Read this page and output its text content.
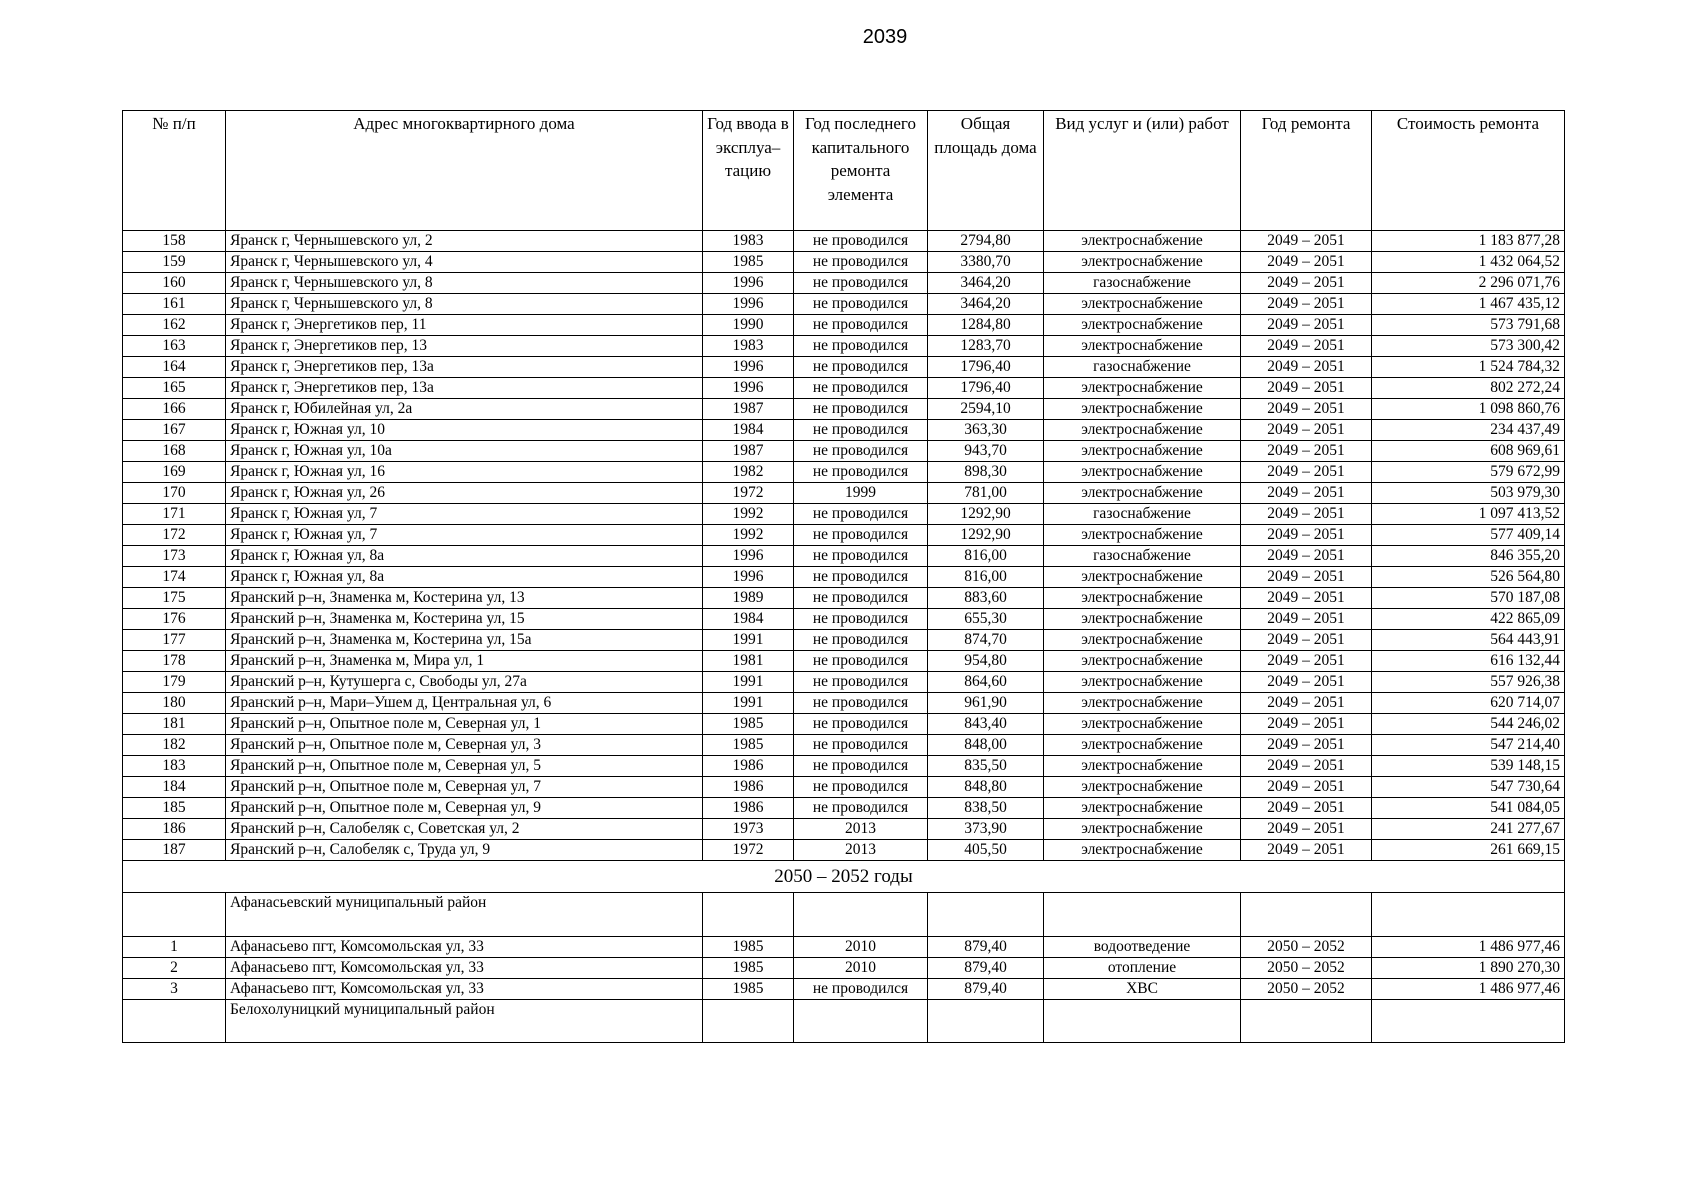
2039
№ п/п	Адрес многоквартирного дома	Год ввода в эксплуа–тацию	Год последнего капитального ремонта элемента	Общая площадь дома	Вид услуг и (или) работ	Год ремонта	Стоимость ремонта
158	Яранск г, Чернышевского ул, 2	1983	не проводился	2794,80	электроснабжение	2049 – 2051	1 183 877,28
159	Яранск г, Чернышевского ул, 4	1985	не проводился	3380,70	электроснабжение	2049 – 2051	1 432 064,52
160	Яранск г, Чернышевского ул, 8	1996	не проводился	3464,20	газоснабжение	2049 – 2051	2 296 071,76
161	Яранск г, Чернышевского ул, 8	1996	не проводился	3464,20	электроснабжение	2049 – 2051	1 467 435,12
162	Яранск г, Энергетиков пер, 11	1990	не проводился	1284,80	электроснабжение	2049 – 2051	573 791,68
163	Яранск г, Энергетиков пер, 13	1983	не проводился	1283,70	электроснабжение	2049 – 2051	573 300,42
164	Яранск г, Энергетиков пер, 13а	1996	не проводился	1796,40	газоснабжение	2049 – 2051	1 524 784,32
165	Яранск г, Энергетиков пер, 13а	1996	не проводился	1796,40	электроснабжение	2049 – 2051	802 272,24
166	Яранск г, Юбилейная ул, 2а	1987	не проводился	2594,10	электроснабжение	2049 – 2051	1 098 860,76
167	Яранск г, Южная ул, 10	1984	не проводился	363,30	электроснабжение	2049 – 2051	234 437,49
168	Яранск г, Южная ул, 10а	1987	не проводился	943,70	электроснабжение	2049 – 2051	608 969,61
169	Яранск г, Южная ул, 16	1982	не проводился	898,30	электроснабжение	2049 – 2051	579 672,99
170	Яранск г, Южная ул, 26	1972	1999	781,00	электроснабжение	2049 – 2051	503 979,30
171	Яранск г, Южная ул, 7	1992	не проводился	1292,90	газоснабжение	2049 – 2051	1 097 413,52
172	Яранск г, Южная ул, 7	1992	не проводился	1292,90	электроснабжение	2049 – 2051	577 409,14
173	Яранск г, Южная ул, 8а	1996	не проводился	816,00	газоснабжение	2049 – 2051	846 355,20
174	Яранск г, Южная ул, 8а	1996	не проводился	816,00	электроснабжение	2049 – 2051	526 564,80
175	Яранский р–н, Знаменка м, Костерина ул, 13	1989	не проводился	883,60	электроснабжение	2049 – 2051	570 187,08
176	Яранский р–н, Знаменка м, Костерина ул, 15	1984	не проводился	655,30	электроснабжение	2049 – 2051	422 865,09
177	Яранский р–н, Знаменка м, Костерина ул, 15а	1991	не проводился	874,70	электроснабжение	2049 – 2051	564 443,91
178	Яранский р–н, Знаменка м, Мира ул, 1	1981	не проводился	954,80	электроснабжение	2049 – 2051	616 132,44
179	Яранский р–н, Кутушерга с, Свободы ул, 27а	1991	не проводился	864,60	электроснабжение	2049 – 2051	557 926,38
180	Яранский р–н, Мари–Ушем д, Центральная ул, 6	1991	не проводился	961,90	электроснабжение	2049 – 2051	620 714,07
181	Яранский р–н, Опытное поле м, Северная ул, 1	1985	не проводился	843,40	электроснабжение	2049 – 2051	544 246,02
182	Яранский р–н, Опытное поле м, Северная ул, 3	1985	не проводился	848,00	электроснабжение	2049 – 2051	547 214,40
183	Яранский р–н, Опытное поле м, Северная ул, 5	1986	не проводился	835,50	электроснабжение	2049 – 2051	539 148,15
184	Яранский р–н, Опытное поле м, Северная ул, 7	1986	не проводился	848,80	электроснабжение	2049 – 2051	547 730,64
185	Яранский р–н, Опытное поле м, Северная ул, 9	1986	не проводился	838,50	электроснабжение	2049 – 2051	541 084,05
186	Яранский р–н, Салобеляк с, Советская ул, 2	1973	2013	373,90	электроснабжение	2049 – 2051	241 277,67
187	Яранский р–н, Салобеляк с, Труда ул, 9	1972	2013	405,50	электроснабжение	2049 – 2051	261 669,15
2050 – 2052 годы							
	Афанасьевский муниципальный район						
1	Афанасьево пгт, Комсомольская ул, 33	1985	2010	879,40	водоотведение	2050 – 2052	1 486 977,46
2	Афанасьево пгт, Комсомольская ул, 33	1985	2010	879,40	отопление	2050 – 2052	1 890 270,30
3	Афанасьево пгт, Комсомольская ул, 33	1985	не проводился	879,40	ХВС	2050 – 2052	1 486 977,46
	Белохолуницкий муниципальный район						
